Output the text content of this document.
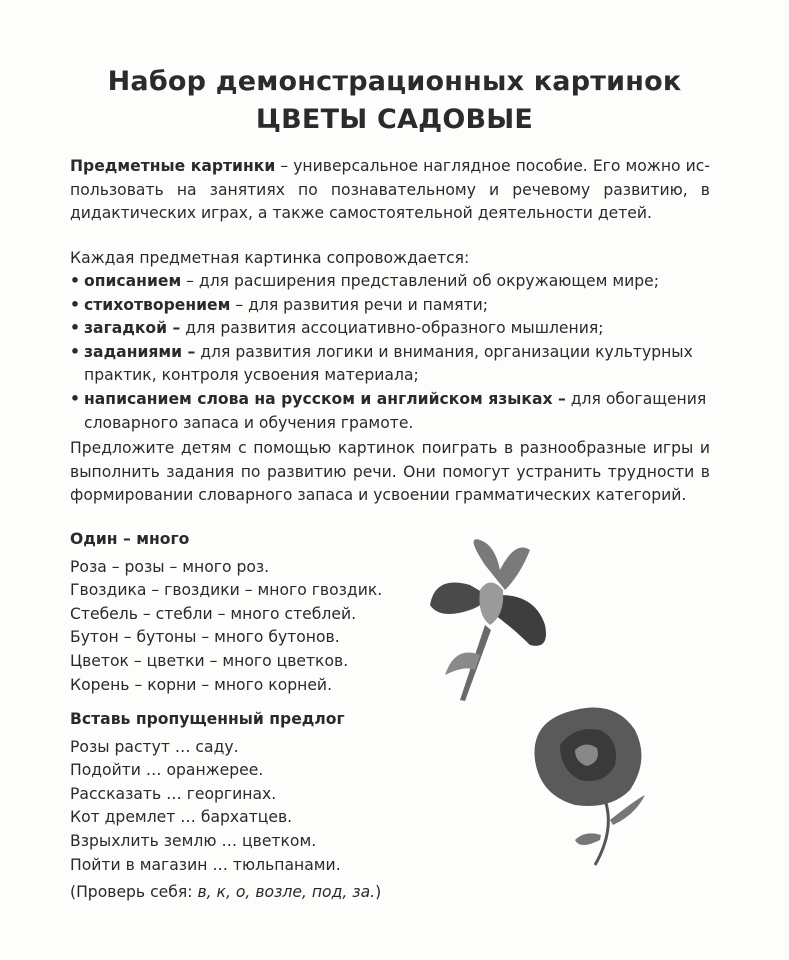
Набор демонстрационных картинок
ЦВЕТЫ САДОВЫЕ
Предметные картинки – универсальное наглядное пособие. Его можно использовать на занятиях по познавательному и речевому развитию, в дидактических играх, а также самостоятельной деятельности детей.
Каждая предметная картинка сопровождается:
• описанием – для расширения представлений об окружающем мире;
• стихотворением – для развития речи и памяти;
• загадкой – для развития ассоциативно-образного мышления;
• заданиями – для развития логики и внимания, организации культурных практик, контроля усвоения материала;
• написанием слова на русском и английском языках – для обогащения словарного запаса и обучения грамоте.
Предложите детям с помощью картинок поиграть в разнообразные игры и выполнить задания по развитию речи. Они помогут устранить трудности в формировании словарного запаса и усвоении грамматических категорий.
Один – много
Роза – розы – много роз.
Гвоздика – гвоздики – много гвоздик.
Стебель – стебли – много стеблей.
Бутон – бутоны – много бутонов.
Цветок – цветки – много цветков.
Корень – корни – много корней.
Вставь пропущенный предлог
Розы растут … саду.
Подойти … оранжерее.
Рассказать … георгинах.
Кот дремлет … бархатцев.
Взрыхлить землю … цветком.
Пойти в магазин … тюльпанами.
(Проверь себя: в, к, о, возле, под, за.)
